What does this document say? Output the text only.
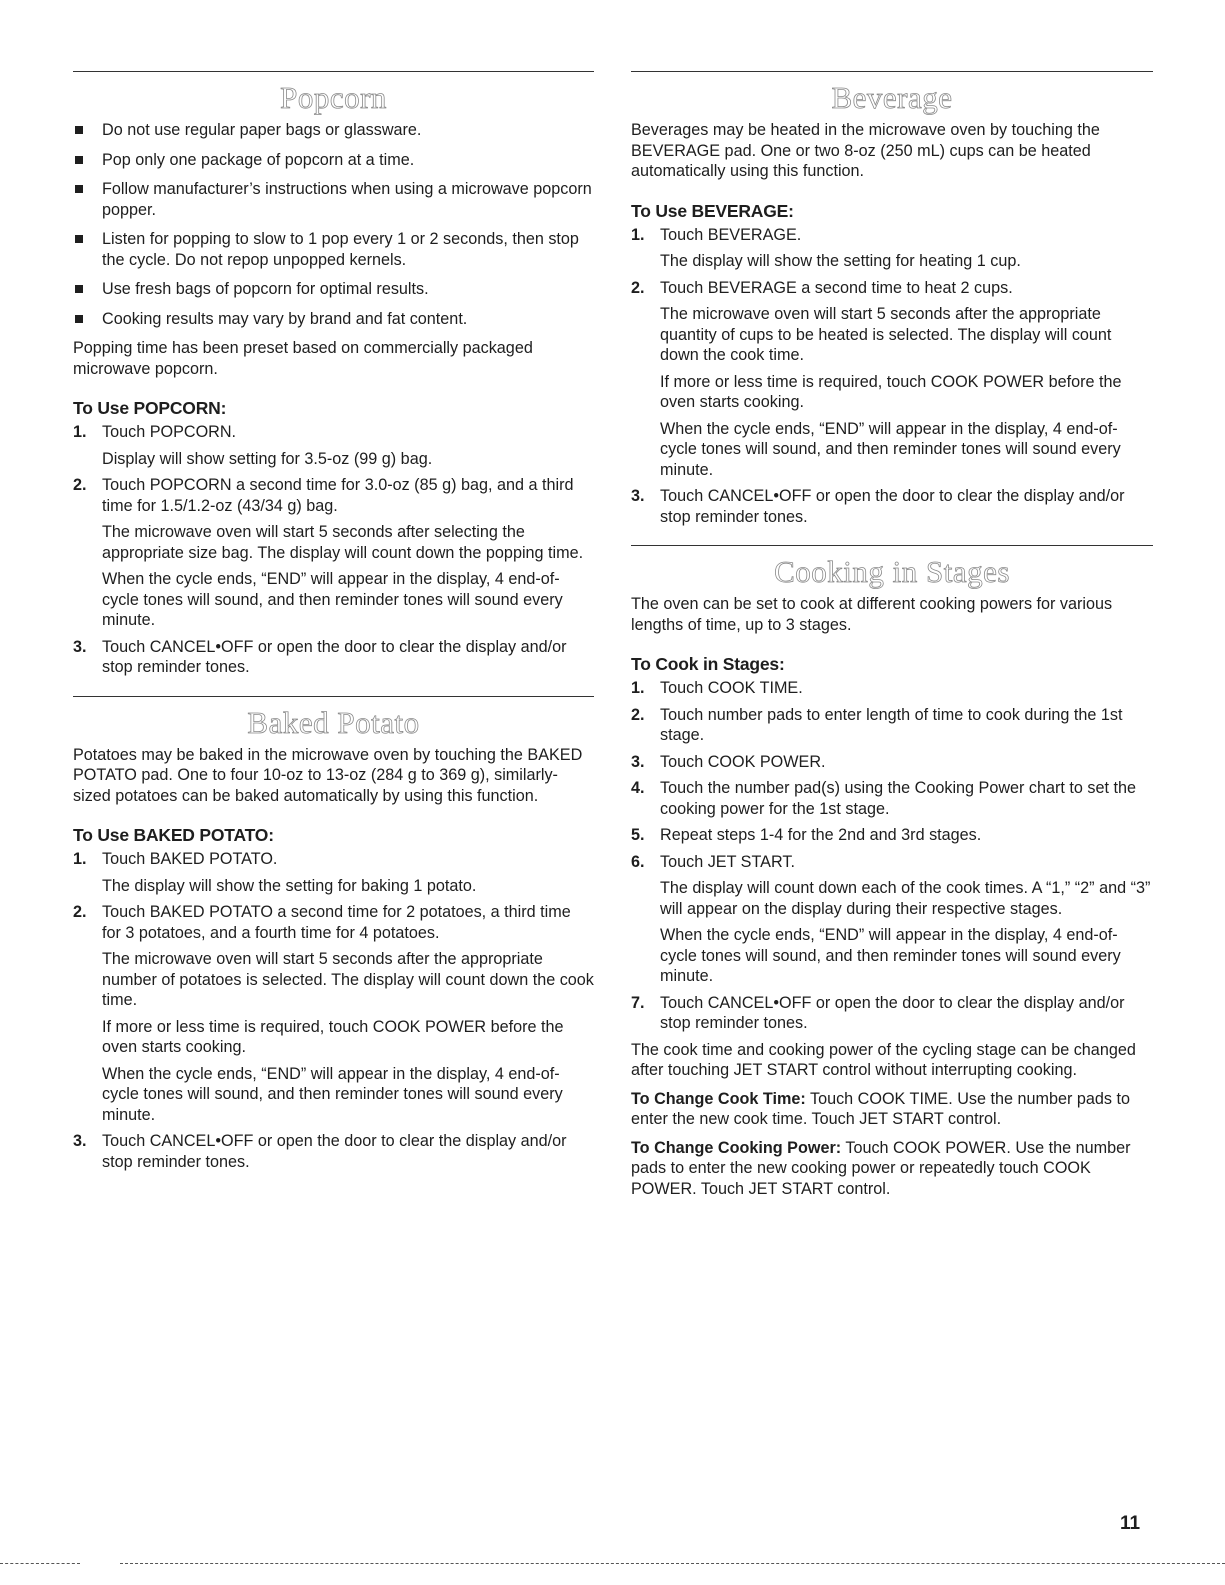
Popcorn
Do not use regular paper bags or glassware.
Pop only one package of popcorn at a time.
Follow manufacturer’s instructions when using a microwave popcorn popper.
Listen for popping to slow to 1 pop every 1 or 2 seconds, then stop the cycle. Do not repop unpopped kernels.
Use fresh bags of popcorn for optimal results.
Cooking results may vary by brand and fat content.

Popping time has been preset based on commercially packaged microwave popcorn.

To Use POPCORN:
1. Touch POPCORN.
Display will show setting for 3.5-oz (99 g) bag.
2. Touch POPCORN a second time for 3.0-oz (85 g) bag, and a third time for 1.5/1.2-oz (43/34 g) bag.
The microwave oven will start 5 seconds after selecting the appropriate size bag. The display will count down the popping time.
When the cycle ends, “END” will appear in the display, 4 end-of-cycle tones will sound, and then reminder tones will sound every minute.
3. Touch CANCEL•OFF or open the door to clear the display and/or stop reminder tones.
Baked Potato

Potatoes may be baked in the microwave oven by touching the BAKED POTATO pad. One to four 10-oz to 13-oz (284 g to 369 g), similarly-sized potatoes can be baked automatically by using this function.

To Use BAKED POTATO:
1. Touch BAKED POTATO.
The display will show the setting for baking 1 potato.
2. Touch BAKED POTATO a second time for 2 potatoes, a third time for 3 potatoes, and a fourth time for 4 potatoes.
The microwave oven will start 5 seconds after the appropriate number of potatoes is selected. The display will count down the cook time.
If more or less time is required, touch COOK POWER before the oven starts cooking.
When the cycle ends, “END” will appear in the display, 4 end-of-cycle tones will sound, and then reminder tones will sound every minute.
3. Touch CANCEL•OFF or open the door to clear the display and/or stop reminder tones.
Beverage

Beverages may be heated in the microwave oven by touching the BEVERAGE pad. One or two 8-oz (250 mL) cups can be heated automatically using this function.

To Use BEVERAGE:
1. Touch BEVERAGE.
The display will show the setting for heating 1 cup.
2. Touch BEVERAGE a second time to heat 2 cups.
The microwave oven will start 5 seconds after the appropriate quantity of cups to be heated is selected. The display will count down the cook time.
If more or less time is required, touch COOK POWER before the oven starts cooking.
When the cycle ends, “END” will appear in the display, 4 end-of-cycle tones will sound, and then reminder tones will sound every minute.
3. Touch CANCEL•OFF or open the door to clear the display and/or stop reminder tones.
Cooking in Stages

The oven can be set to cook at different cooking powers for various lengths of time, up to 3 stages.

To Cook in Stages:
1. Touch COOK TIME.
2. Touch number pads to enter length of time to cook during the 1st stage.
3. Touch COOK POWER.
4. Touch the number pad(s) using the Cooking Power chart to set the cooking power for the 1st stage.
5. Repeat steps 1-4 for the 2nd and 3rd stages.
6. Touch JET START.
The display will count down each of the cook times. A “1,” “2” and “3” will appear on the display during their respective stages.
When the cycle ends, “END” will appear in the display, 4 end-of-cycle tones will sound, and then reminder tones will sound every minute.
7. Touch CANCEL•OFF or open the door to clear the display and/or stop reminder tones.

The cook time and cooking power of the cycling stage can be changed after touching JET START control without interrupting cooking.

To Change Cook Time: Touch COOK TIME. Use the number pads to enter the new cook time. Touch JET START control.

To Change Cooking Power: Touch COOK POWER. Use the number pads to enter the new cooking power or repeatedly touch COOK POWER. Touch JET START control.

11
